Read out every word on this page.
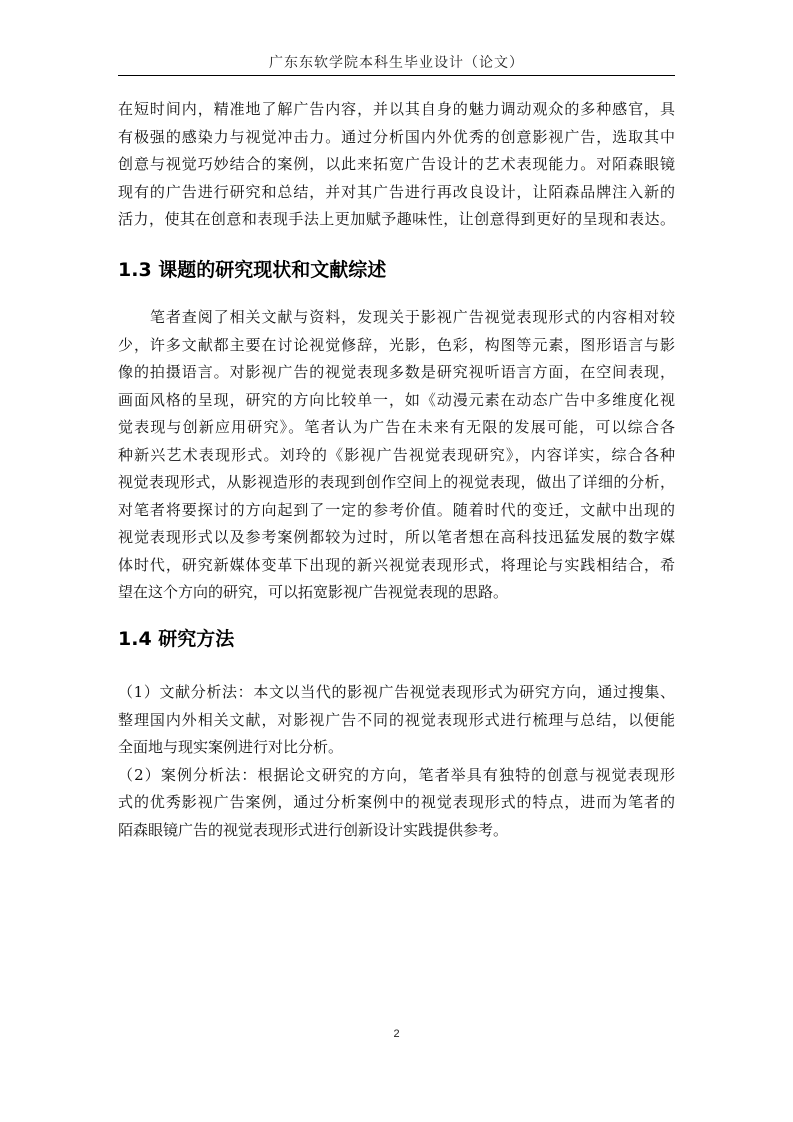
广东东软学院本科生毕业设计（论文）
在短时间内，精准地了解广告内容，并以其自身的魅力调动观众的多种感官，具
有极强的感染力与视觉冲击力。通过分析国内外优秀的创意影视广告，选取其中
创意与视觉巧妙结合的案例，以此来拓宽广告设计的艺术表现能力。对陌森眼镜
现有的广告进行研究和总结，并对其广告进行再改良设计，让陌森品牌注入新的
活力，使其在创意和表现手法上更加赋予趣味性，让创意得到更好的呈现和表达。
1.3 课题的研究现状和文献综述
　　笔者查阅了相关文献与资料，发现关于影视广告视觉表现形式的内容相对较
少，许多文献都主要在讨论视觉修辞，光影，色彩，构图等元素，图形语言与影
像的拍摄语言。对影视广告的视觉表现多数是研究视听语言方面，在空间表现，
画面风格的呈现，研究的方向比较单一，如《动漫元素在动态广告中多维度化视
觉表现与创新应用研究》。笔者认为广告在未来有无限的发展可能，可以综合各
种新兴艺术表现形式。刘玲的《影视广告视觉表现研究》，内容详实，综合各种
视觉表现形式，从影视造形的表现到创作空间上的视觉表现，做出了详细的分析，
对笔者将要探讨的方向起到了一定的参考价值。随着时代的变迁，文献中出现的
视觉表现形式以及参考案例都较为过时，所以笔者想在高科技迅猛发展的数字媒
体时代，研究新媒体变革下出现的新兴视觉表现形式，将理论与实践相结合，希
望在这个方向的研究，可以拓宽影视广告视觉表现的思路。
1.4 研究方法
（1）文献分析法：本文以当代的影视广告视觉表现形式为研究方向，通过搜集、
整理国内外相关文献，对影视广告不同的视觉表现形式进行梳理与总结，以便能
全面地与现实案例进行对比分析。
（2）案例分析法：根据论文研究的方向，笔者举具有独特的创意与视觉表现形
式的优秀影视广告案例，通过分析案例中的视觉表现形式的特点，进而为笔者的
陌森眼镜广告的视觉表现形式进行创新设计实践提供参考。
2
